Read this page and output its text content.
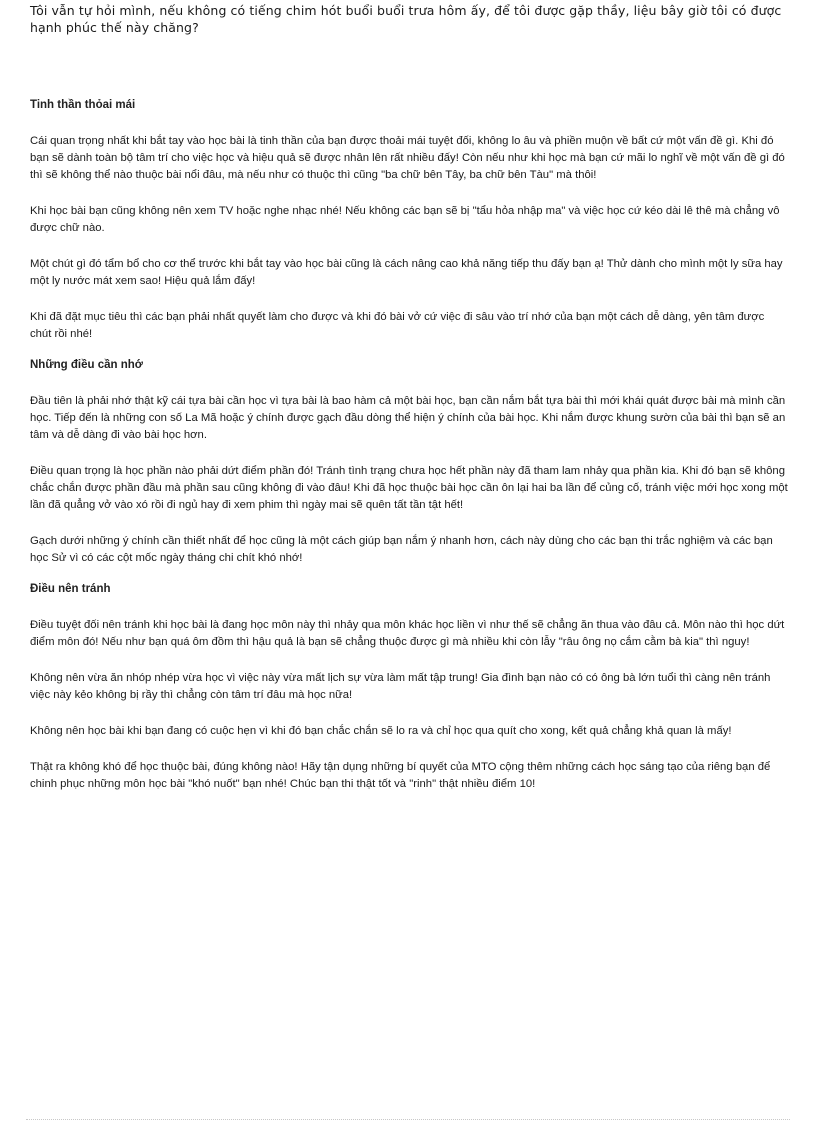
Tôi vẫn tự hỏi mình, nếu không có tiếng chim hót buổi buổi trưa hôm ấy, để tôi được gặp thầy, liệu bây giờ tôi có được hạnh phúc thế này chăng?

Tinh thần thỏai mái

Cái quan trọng nhất khi bắt tay vào học bài là tinh thần của bạn được thoải mái tuyệt đối, không lo âu và phiền muộn về bất cứ một vấn đề gì. Khi đó bạn sẽ dành toàn bộ tâm trí cho việc học và hiệu quả sẽ được nhân lên rất nhiều đấy! Còn nếu như khi học mà bạn cứ mãi lo nghĩ về một vấn đề gì đó thì sẽ không thể nào thuộc bài nổi đâu, mà nếu như có thuộc thì cũng "ba chữ bên Tây, ba chữ bên Tàu" mà thôi!

Khi học bài bạn cũng không nên xem TV hoặc nghe nhạc nhé! Nếu không các bạn sẽ bị "tẩu hỏa nhập ma" và việc học cứ kéo dài lê thê mà chẳng vô được chữ nào.

Một chút gì đó tẩm bổ cho cơ thể trước khi bắt tay vào học bài cũng là cách nâng cao khả năng tiếp thu đấy bạn ạ! Thử dành cho mình một ly sữa hay một ly nước mát xem sao! Hiệu quả lắm đấy!

Khi đã đặt mục tiêu thì các bạn phải nhất quyết làm cho được và khi đó bài vở cứ việc đi sâu vào trí nhớ của bạn một cách dễ dàng, yên tâm được chút rồi nhé!

Những điều cần nhớ

Đầu tiên là phải nhớ thật kỹ cái tựa bài cần học vì tựa bài là bao hàm cả một bài học, bạn cần nắm bắt tựa bài thì mới khái quát được bài mà mình cần học. Tiếp đến là những con số La Mã hoặc ý chính được gạch đầu dòng thể hiện ý chính của bài học. Khi nắm được khung sườn của bài thì bạn sẽ an tâm và dễ dàng đi vào bài học hơn.

Điều quan trọng là học phần nào phải dứt điểm phần đó! Tránh tình trạng chưa học hết phần này đã tham lam nhảy qua phần kia. Khi đó bạn sẽ không chắc chắn được phần đầu mà phần sau cũng không đi vào đâu! Khi đã học thuộc bài học cần ôn lại hai ba lần để củng cố, tránh việc mới học xong một lần đã quẳng vở vào xó rồi đi ngủ hay đi xem phim thì ngày mai sẽ quên tất tần tật hết!

Gạch dưới những ý chính cần thiết nhất để học cũng là một cách giúp bạn nắm ý nhanh hơn, cách này dùng cho các bạn thi trắc nghiệm và các bạn học Sử vì có các cột mốc ngày tháng chi chít khó nhớ!

Điều nên tránh

Điều tuyệt đối nên tránh khi học bài là đang học môn này thì nhảy qua môn khác học liền vì như thế sẽ chẳng ăn thua vào đâu cả. Môn nào thì học dứt điểm môn đó! Nếu như bạn quá ôm đồm thì hậu quả là bạn sẽ chẳng thuộc được gì mà nhiều khi còn lẫy "râu ông nọ cắm cằm bà kia" thì nguy!

Không nên vừa ăn nhóp nhép vừa học vì việc này vừa mất lịch sự vừa làm mất tập trung! Gia đình bạn nào có có ông bà lớn tuổi thì càng nên tránh việc này kẻo không bị rầy thì chẳng còn tâm trí đâu mà học nữa!

Không nên học bài khi bạn đang có cuộc hẹn vì khi đó bạn chắc chắn sẽ lo ra và chỉ học qua quít cho xong, kết quả chẳng khả quan là mấy!

Thật ra không khó để học thuộc bài, đúng không nào! Hãy tận dụng những bí quyết của MTO cộng thêm những cách học sáng tạo của riêng bạn để chinh phục những môn học bài "khó nuốt" bạn nhé! Chúc bạn thi thật tốt và "rinh" thật nhiều điểm 10!
